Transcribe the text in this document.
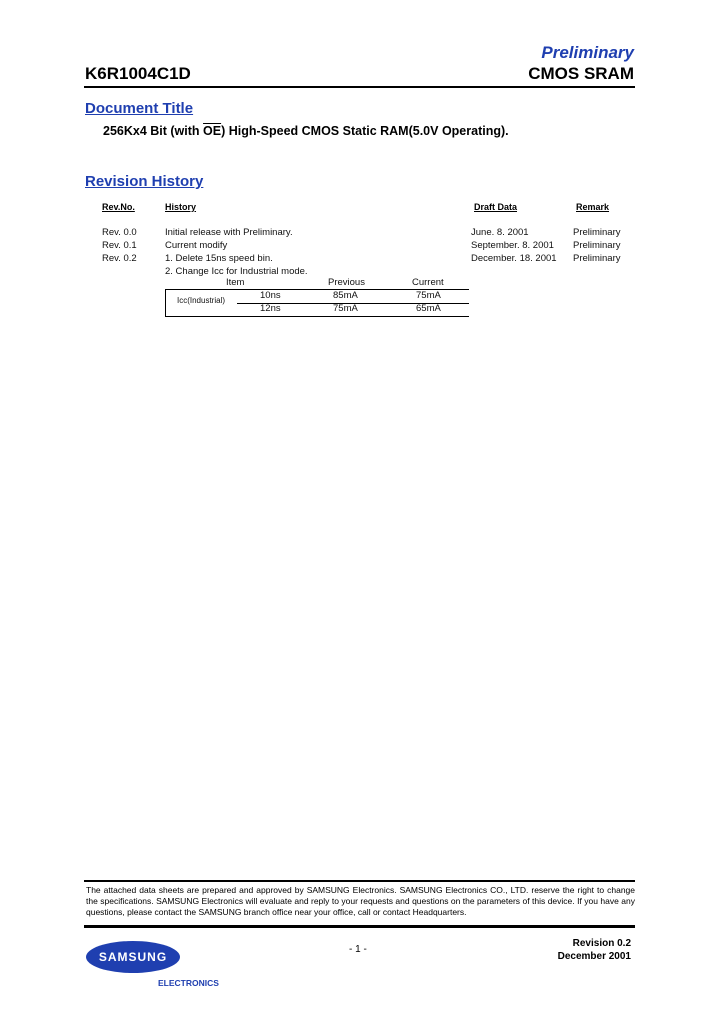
Preliminary
K6R1004C1D	CMOS SRAM
Document Title
256Kx4 Bit (with $\overline{OE}$) High-Speed CMOS Static RAM(5.0V Operating).
Revision History
Rev.No.	History	Draft Data	Remark
Rev. 0.0	Initial release with Preliminary.	June. 8. 2001	Preliminary
Rev. 0.1	Current modify	September. 8. 2001 Preliminary
Rev. 0.2	1. Delete 15ns speed bin.	December. 18. 2001 Preliminary
2. Change Icc for Industrial mode.
Item	Previous	Current
Icc(Industrial)	10ns	85mA	75mA
12ns	75mA	65mA
The attached data sheets are prepared and approved by SAMSUNG Electronics. SAMSUNG Electronics CO., LTD. reserve the right to change the specifications. SAMSUNG Electronics will evaluate and reply to your requests and questions on the parameters of this device. If you have any questions, please contact the SAMSUNG branch office near your office, call or contact Headquarters.
SAMSUNG
ELECTRONICS
- 1 -
Revision 0.2
December 2001
